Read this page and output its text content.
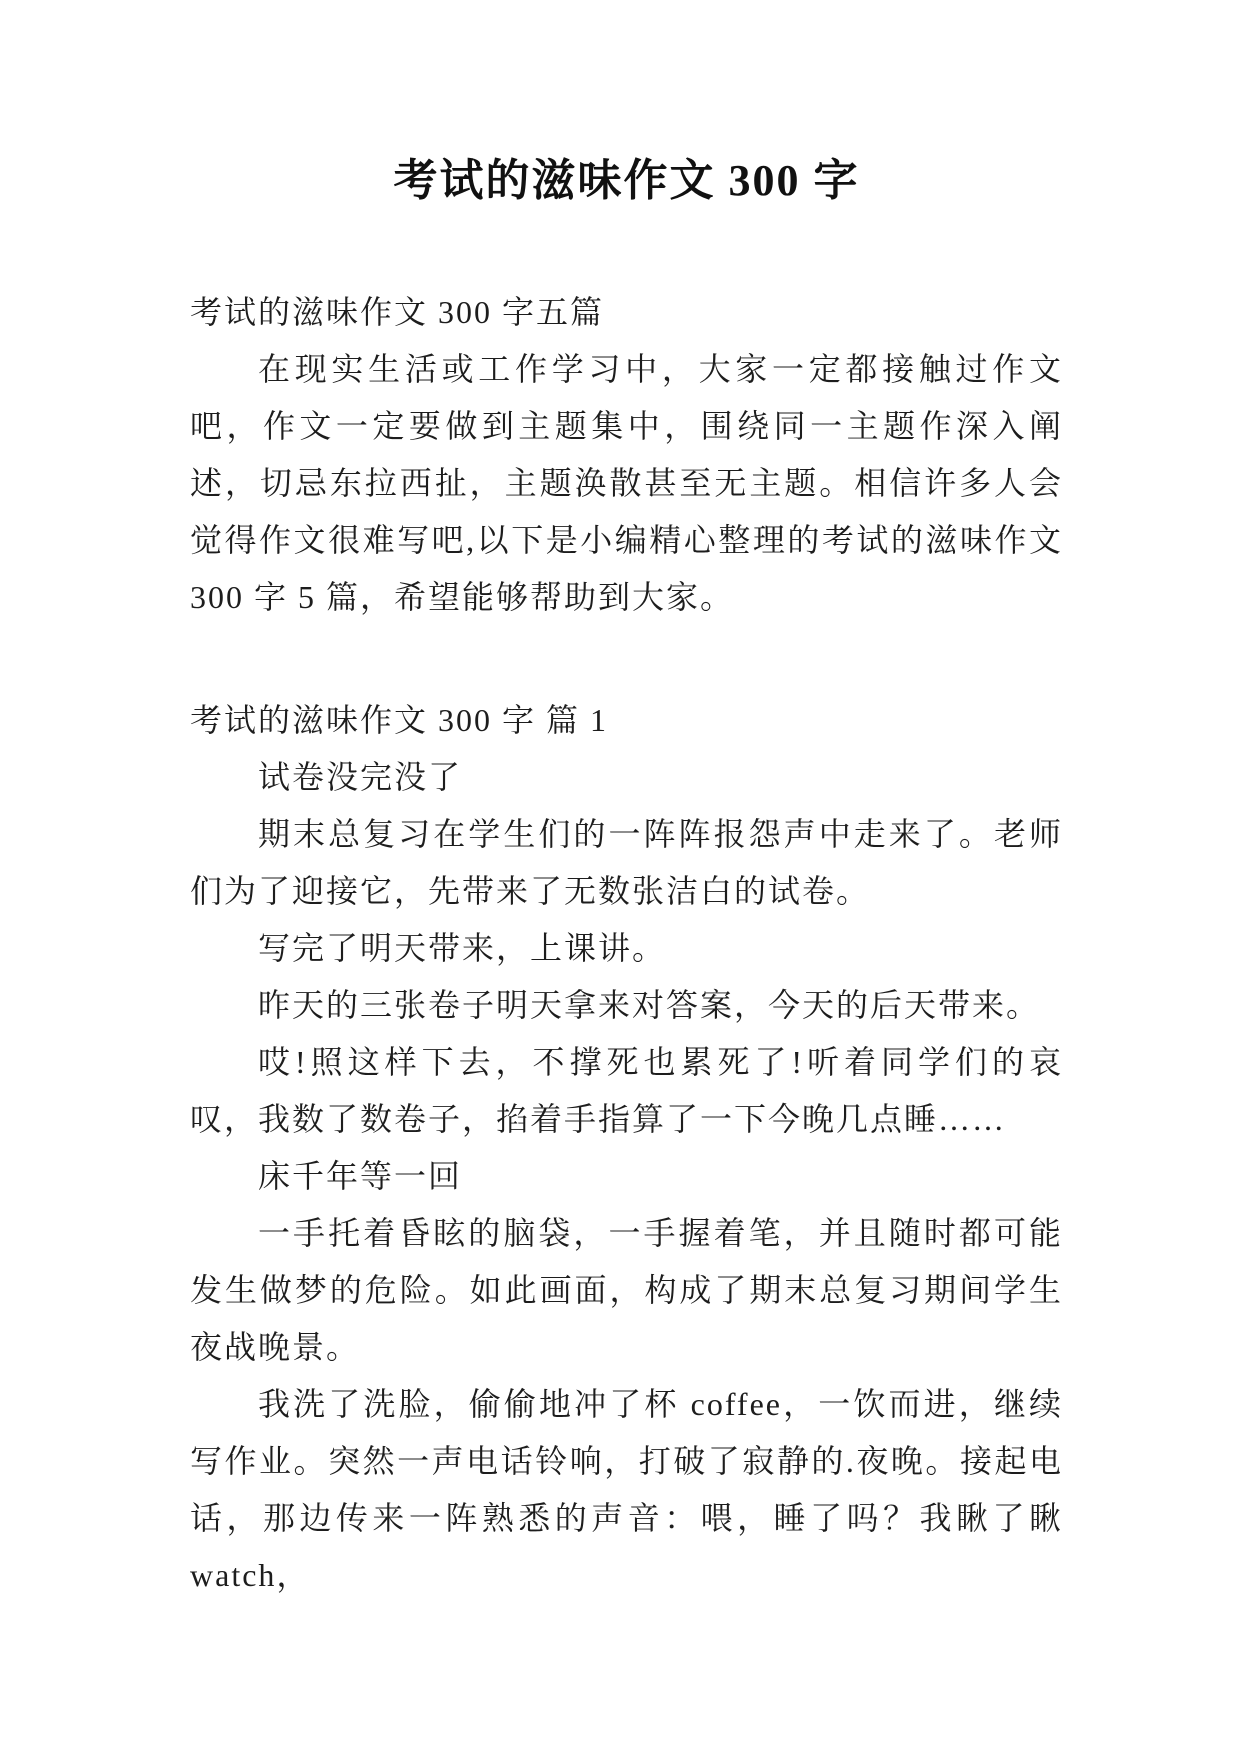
考试的滋味作文 300 字

考试的滋味作文 300 字五篇

在现实生活或工作学习中，大家一定都接触过作文吧，作文一定要做到主题集中，围绕同一主题作深入阐述，切忌东拉西扯，主题涣散甚至无主题。相信许多人会觉得作文很难写吧,以下是小编精心整理的考试的滋味作文 300 字 5 篇，希望能够帮助到大家。

考试的滋味作文 300 字 篇 1

试卷没完没了

期末总复习在学生们的一阵阵报怨声中走来了。老师们为了迎接它，先带来了无数张洁白的试卷。

写完了明天带来，上课讲。

昨天的三张卷子明天拿来对答案，今天的后天带来。

哎!照这样下去，不撑死也累死了!听着同学们的哀叹，我数了数卷子，掐着手指算了一下今晚几点睡……

床千年等一回

一手托着昏眩的脑袋，一手握着笔，并且随时都可能发生做梦的危险。如此画面，构成了期末总复习期间学生夜战晚景。

我洗了洗脸，偷偷地冲了杯 coffee，一饮而进，继续写作业。突然一声电话铃响，打破了寂静的.夜晚。接起电话，那边传来一阵熟悉的声音：喂，睡了吗？我瞅了瞅 watch，
